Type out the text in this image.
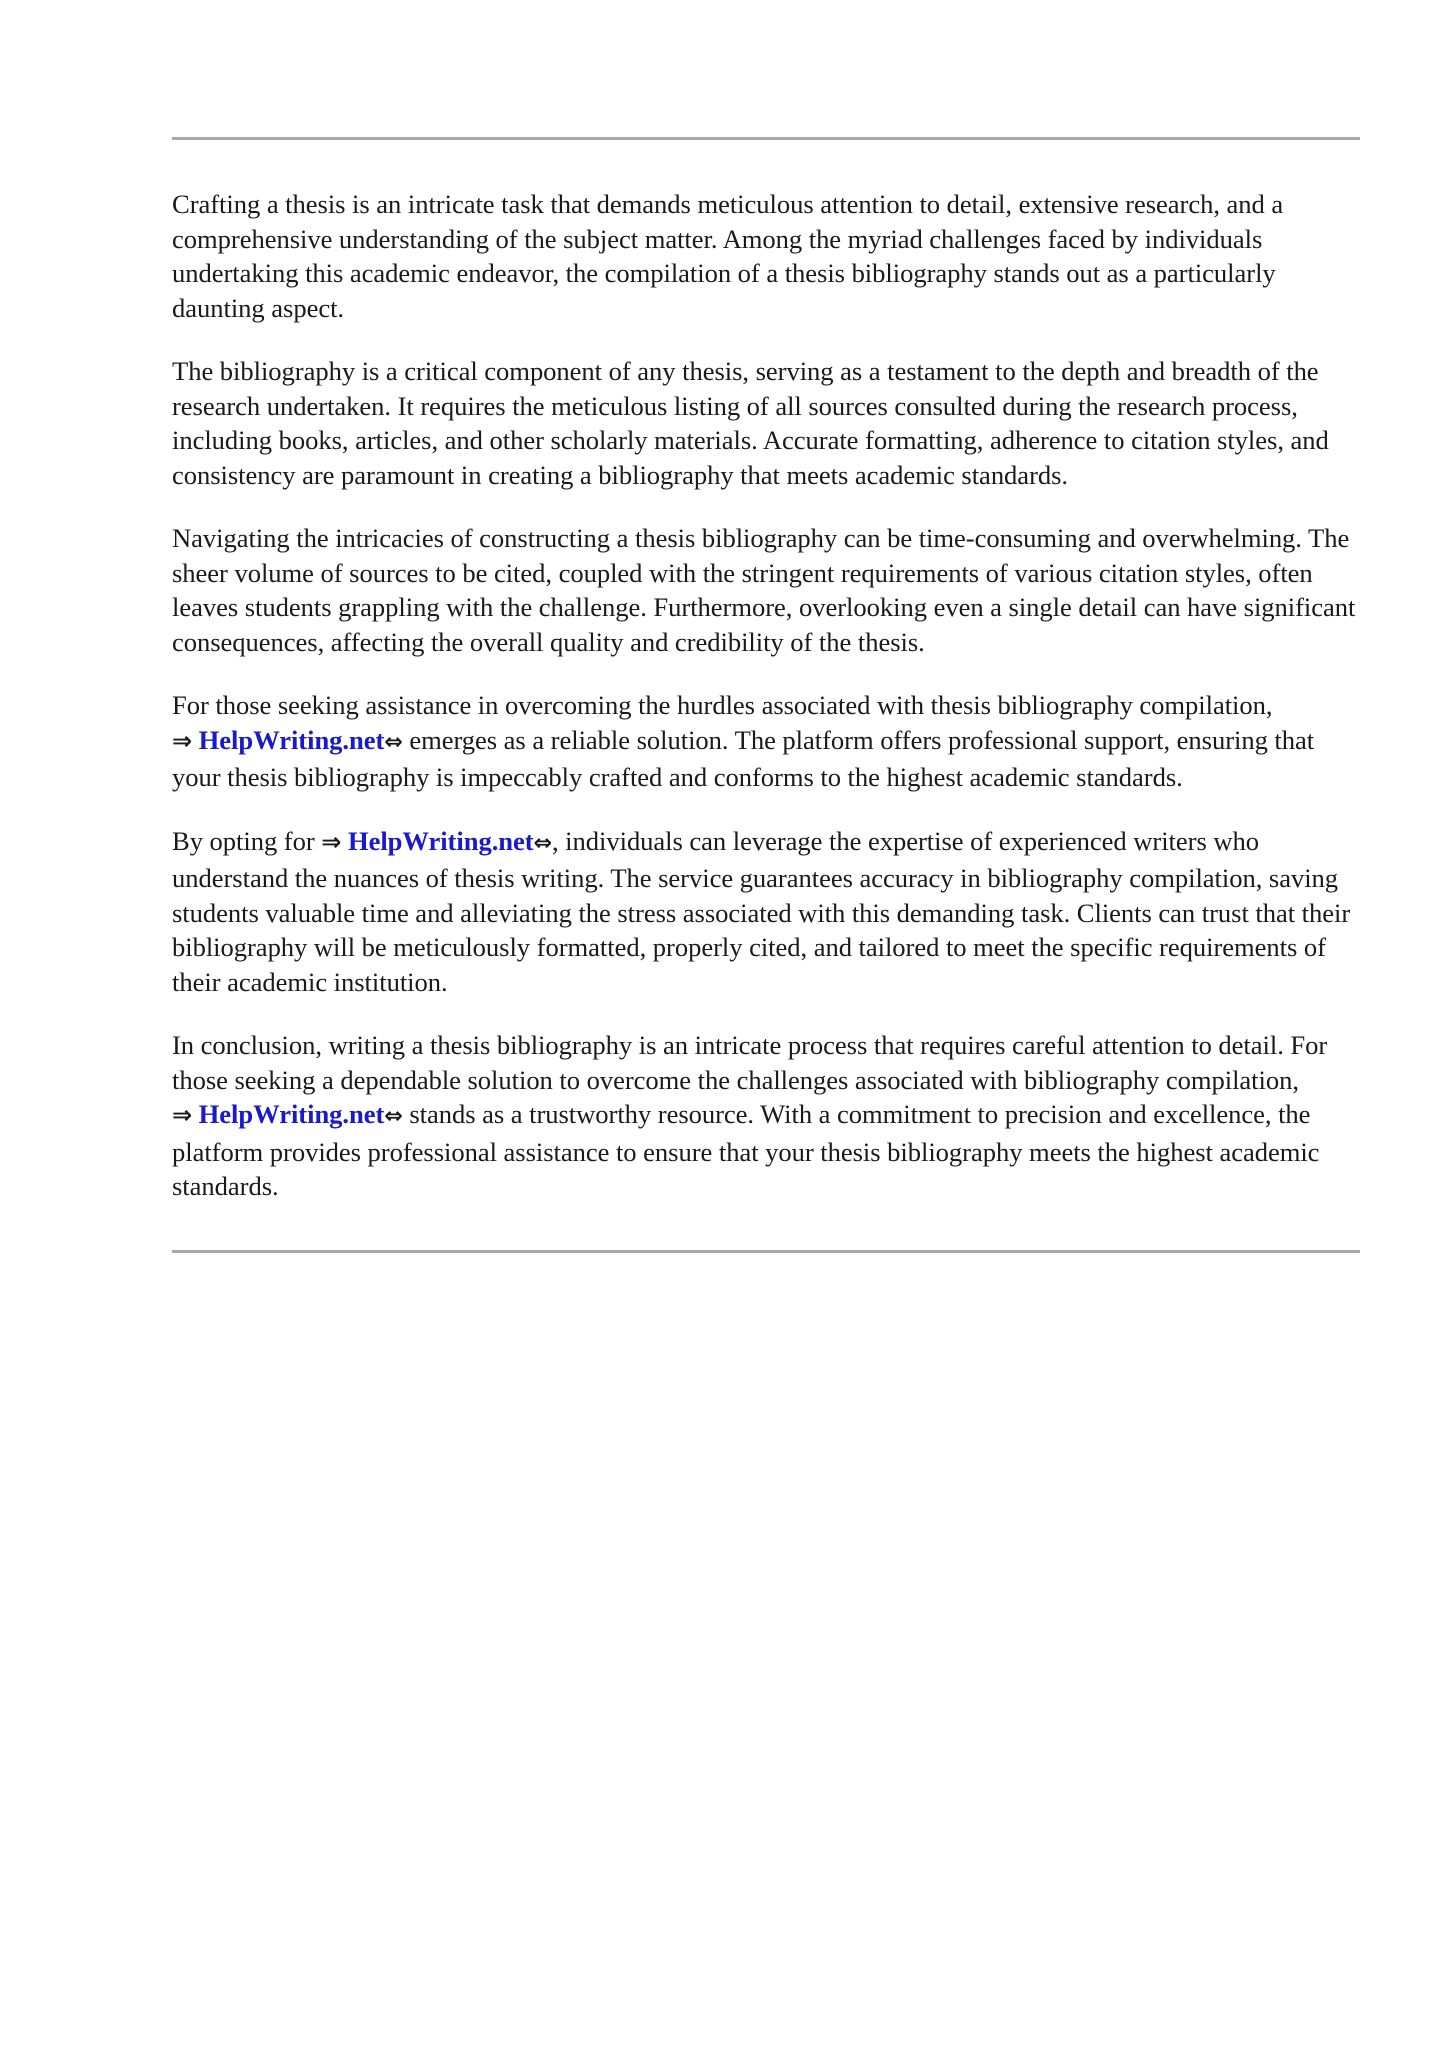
Crafting a thesis is an intricate task that demands meticulous attention to detail, extensive research, and a comprehensive understanding of the subject matter. Among the myriad challenges faced by individuals undertaking this academic endeavor, the compilation of a thesis bibliography stands out as a particularly daunting aspect.

The bibliography is a critical component of any thesis, serving as a testament to the depth and breadth of the research undertaken. It requires the meticulous listing of all sources consulted during the research process, including books, articles, and other scholarly materials. Accurate formatting, adherence to citation styles, and consistency are paramount in creating a bibliography that meets academic standards.

Navigating the intricacies of constructing a thesis bibliography can be time-consuming and overwhelming. The sheer volume of sources to be cited, coupled with the stringent requirements of various citation styles, often leaves students grappling with the challenge. Furthermore, overlooking even a single detail can have significant consequences, affecting the overall quality and credibility of the thesis.

For those seeking assistance in overcoming the hurdles associated with thesis bibliography compilation, ⇒ HelpWriting.net⇔ emerges as a reliable solution. The platform offers professional support, ensuring that your thesis bibliography is impeccably crafted and conforms to the highest academic standards.

By opting for ⇒ HelpWriting.net⇔, individuals can leverage the expertise of experienced writers who understand the nuances of thesis writing. The service guarantees accuracy in bibliography compilation, saving students valuable time and alleviating the stress associated with this demanding task. Clients can trust that their bibliography will be meticulously formatted, properly cited, and tailored to meet the specific requirements of their academic institution.

In conclusion, writing a thesis bibliography is an intricate process that requires careful attention to detail. For those seeking a dependable solution to overcome the challenges associated with bibliography compilation, ⇒ HelpWriting.net⇔ stands as a trustworthy resource. With a commitment to precision and excellence, the platform provides professional assistance to ensure that your thesis bibliography meets the highest academic standards.
